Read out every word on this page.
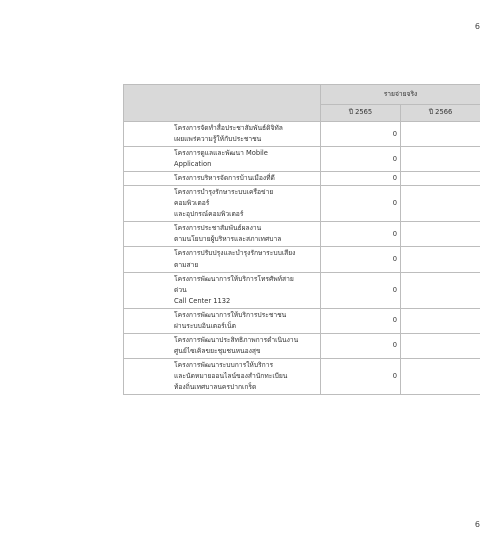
6
	รายจ่ายจริง	
	ปี 2565	ปี 2566

โครงการจัดทำสื่อประชาสัมพันธ์ดิจิทัล
เผยแพร่ความรู้ให้กับประชาชน	0	

โครงการดูแลและพัฒนา Mobile
Application	0	

โครงการบริหารจัดการบ้านเมืองที่ดี	0	

โครงการบำรุงรักษาระบบเครือข่าย
คอมพิวเตอร์
และอุปกรณ์คอมพิวเตอร์	0	

โครงการประชาสัมพันธ์ผลงาน
ตามนโยบายผู้บริหารและสภาเทศบาล	0	

โครงการปรับปรุงและบำรุงรักษาระบบเสียง
ตามสาย	0	

โครงการพัฒนาการให้บริการโทรศัพท์สาย
ด่วน
Call Center 1132	0	

โครงการพัฒนาการให้บริการประชาชน
ผ่านระบบอินเตอร์เน็ต	0	

โครงการพัฒนาประสิทธิภาพการดำเนินงาน
ศูนย์ไซเคิลขยะชุมชนหนองสุข	0	

โครงการพัฒนาระบบการให้บริการ
และนัดหมายออนไลน์ของสำนักทะเบียน
ท้องถิ่นเทศบาลนครปากเกร็ด	0	
6
